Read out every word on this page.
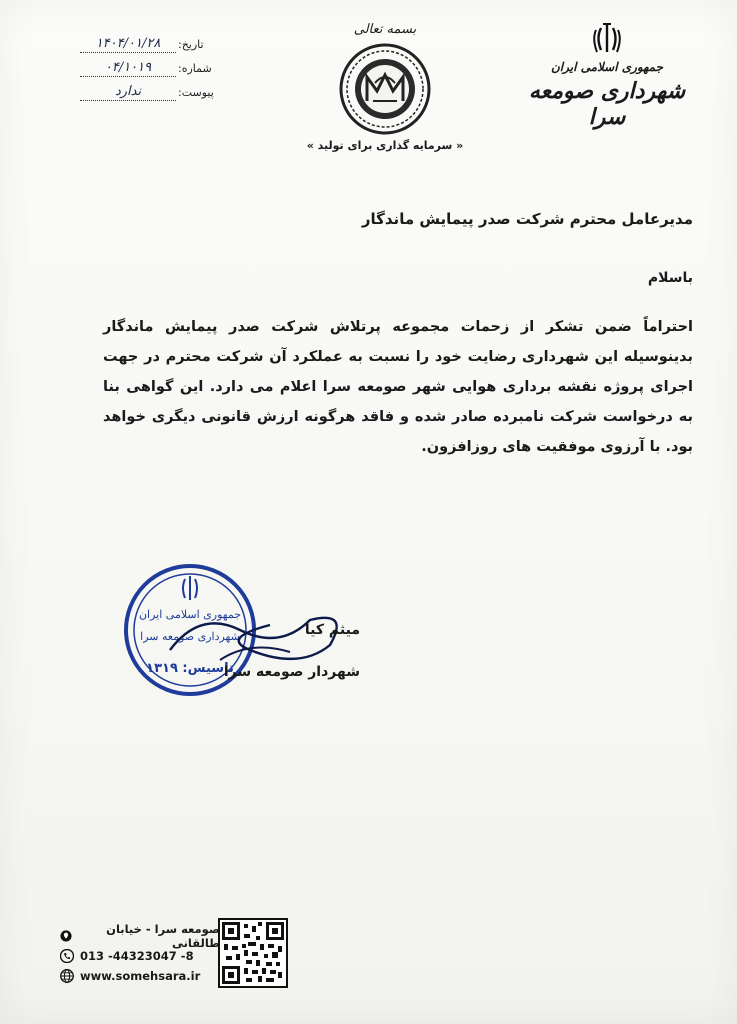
تاریخ:
۱۴۰۴/۰۱/۲۸
شماره:
۰۴/۱۰۱۹
پیوست:
ندارد
بسمه تعالی
« سرمایه گذاری برای تولید »
جمهوری اسلامی ایران
شهرداری صومعه سرا
مدیرعامل محترم شرکت صدر پیمایش ماندگار
باسلام
احتراماً ضمن تشکر از زحمات مجموعه پرتلاش شرکت صدر پیمایش ماندگار بدینوسیله این شهرداری رضایت خود را نسبت به عملکرد آن شرکت محترم در جهت اجرای پروژه نقشه برداری هوایی شهر صومعه سرا اعلام می دارد. این گواهی بنا به درخواست شرکت نامبرده صادر شده و فاقد هرگونه ارزش قانونی دیگری خواهد بود. با آرزوی موفقیت های روزافزون.
جمهوری اسلامی ایران
شهرداری صومعه سرا
تاسیس: ۱۳۱۹
میثم کیا
شهردار صومعه سرا
صومعه سرا - خیابان طالقانی
013 -44323047 -8
www.somehsara.ir
